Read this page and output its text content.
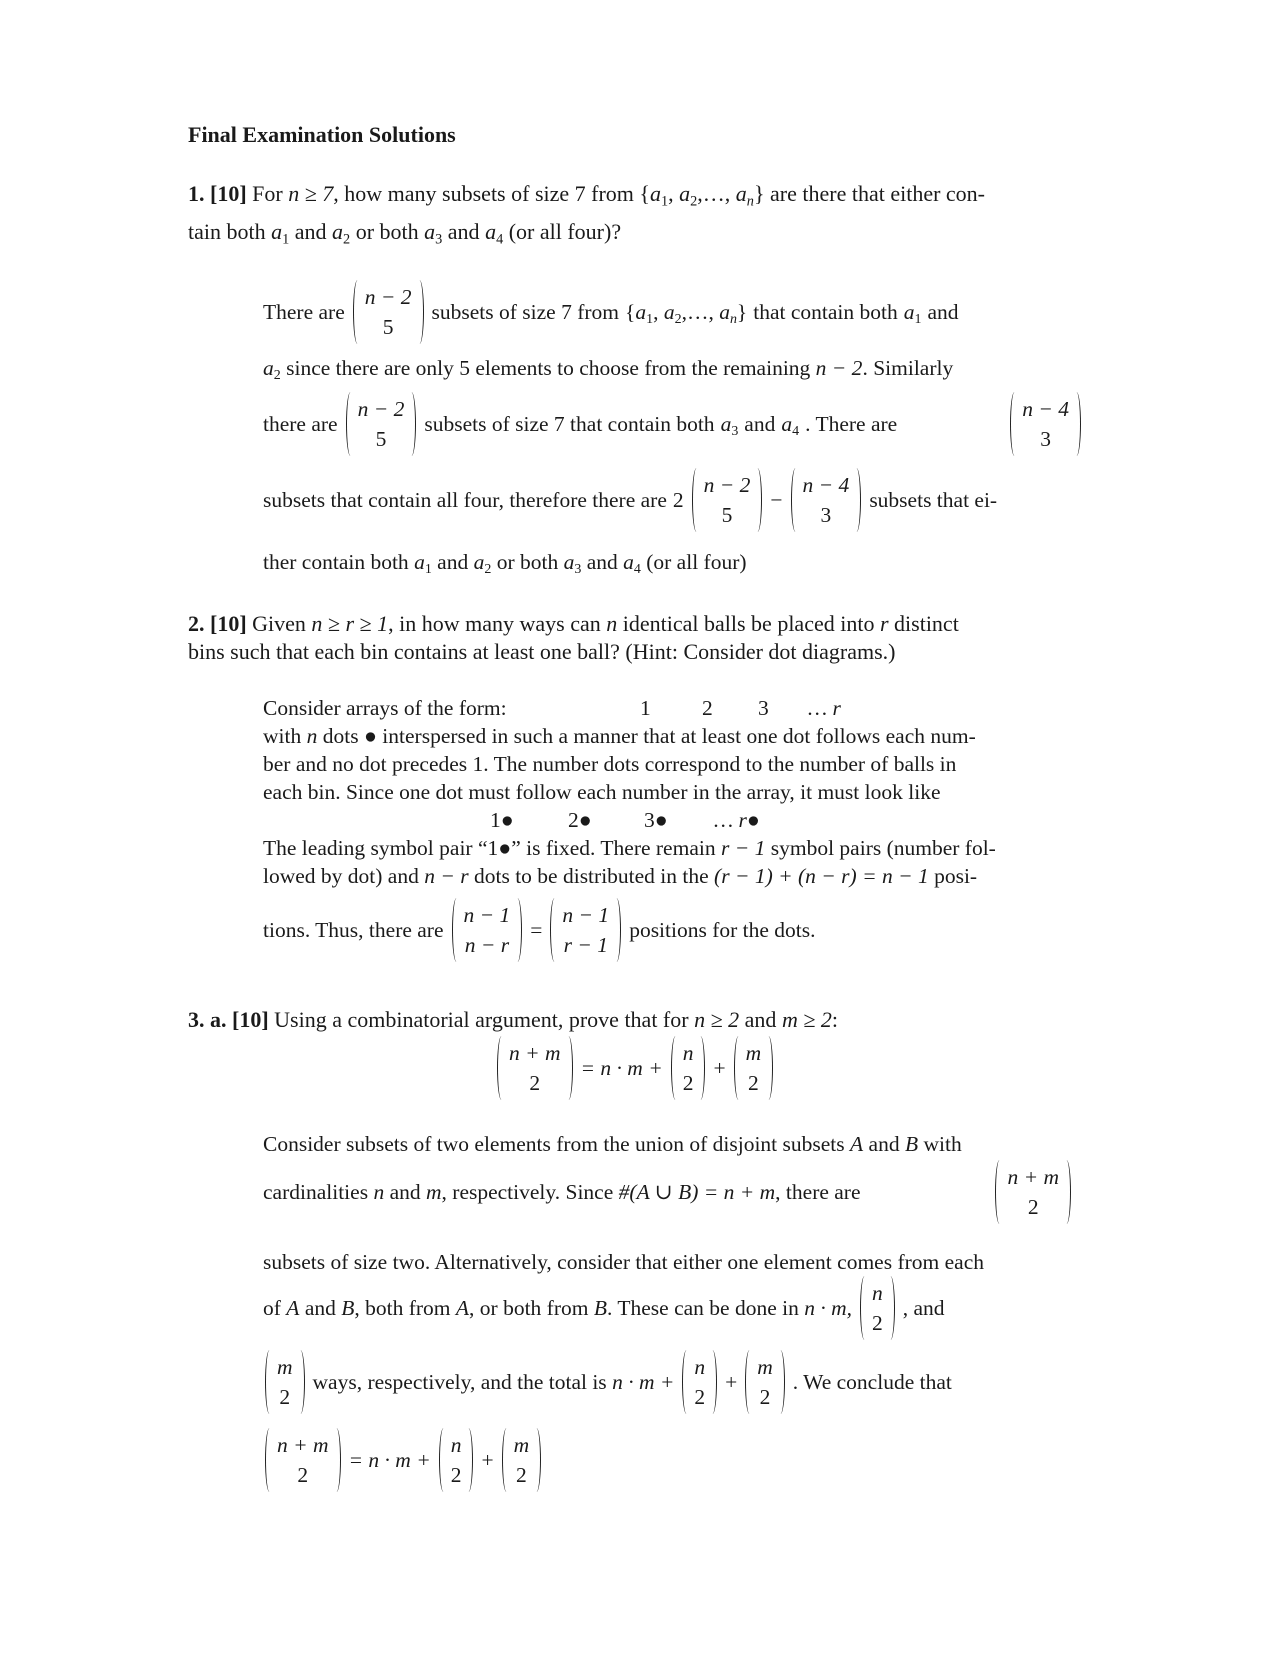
Final Examination Solutions
1. [10] For n ≥ 7, how many subsets of size 7 from {$a_1$, $a_2,\dots$, $a_n$} are there that either con-
tain both $a_1$ and $a_2$ or both $a_3$ and $a_4$ (or all four)?
There are
n − 2
5
subsets of size 7 from {$a_1$, $a_2,\dots$, $a_n$} that contain both $a_1$ and
$a_2$ since there are only 5 elements to choose from the remaining n − 2. Similarly
there are
n − 2
5
subsets of size 7 that contain both $a_3$ and $a_4$ . There are
n − 4
3
subsets that contain all four, therefore there are 2
n − 2
5
−
n − 4
3
subsets that ei-
ther contain both $a_1$ and $a_2$ or both $a_3$ and $a_4$ (or all four)
2. [10] Given n ≥ r ≥ 1, in how many ways can n identical balls be placed into r distinct
bins such that each bin contains at least one ball? (Hint: Consider dot diagrams.)
Consider arrays of the form:	1 2 3 … r
with n dots ● interspersed in such a manner that at least one dot follows each num-
ber and no dot precedes 1. The number dots correspond to the number of balls in
each bin. Since one dot must follow each number in the array, it must look like
1●	2● 3● … r●
The leading symbol pair “1●” is fixed. There remain r − 1 symbol pairs (number fol-
lowed by dot) and n − r dots to be distributed in the (r − 1) + (n − r) = n − 1 posi-
tions. Thus, there are
n − 1
n − r
=
n − 1
r − 1
positions for the dots.
3. a. [10] Using a combinatorial argument, prove that for n ≥ 2 and m ≥ 2:
n + m
2
= n · m +
n
2
+
m
2
Consider subsets of two elements from the union of disjoint subsets A and B with
cardinalities n and m, respectively. Since #(A ∪ B) = n + m, there are
n + m
2
subsets of size two. Alternatively, consider that either one element comes from each
of A and B, both from A, or both from B. These can be done in n · m,
n
2
, and
m
2
ways, respectively, and the total is n · m +
n
2
+
m
2
. We conclude that
n + m
2
= n · m +
n
2
+
m
2
